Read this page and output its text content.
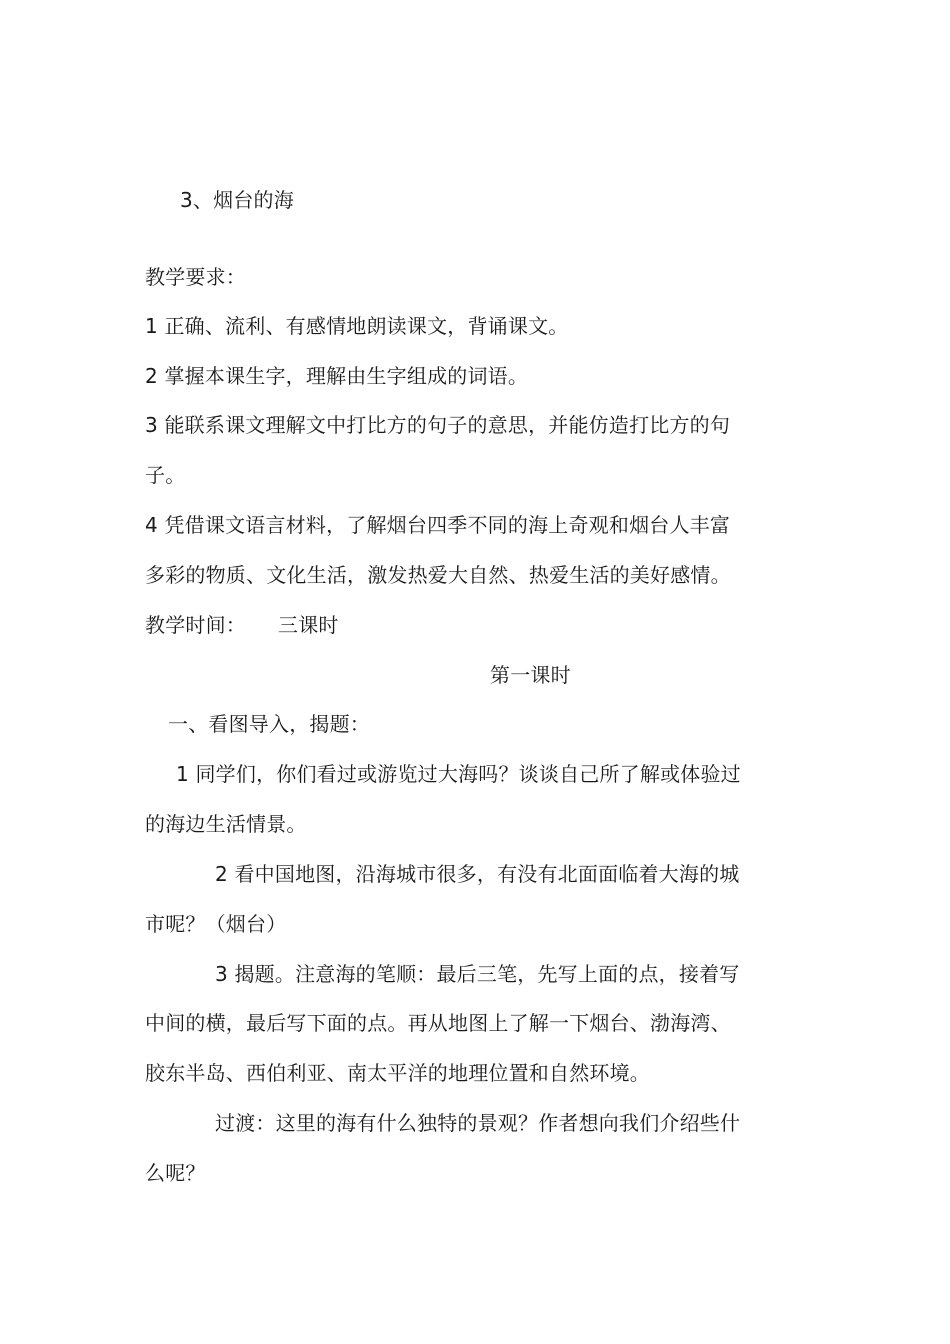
3、烟台的海
教学要求：
1 正确、流利、有感情地朗读课文，背诵课文。
2 掌握本课生字，理解由生字组成的词语。
3 能联系课文理解文中打比方的句子的意思，并能仿造打比方的句
子。
4 凭借课文语言材料，了解烟台四季不同的海上奇观和烟台人丰富
多彩的物质、文化生活，激发热爱大自然、热爱生活的美好感情。
教学时间： 三课时
第一课时
一、看图导入，揭题：
1 同学们，你们看过或游览过大海吗？谈谈自己所了解或体验过
的海边生活情景。
2 看中国地图，沿海城市很多，有没有北面面临着大海的城
市呢？（烟台）
3 揭题。注意海的笔顺：最后三笔，先写上面的点，接着写
中间的横，最后写下面的点。再从地图上了解一下烟台、渤海湾、
胶东半岛、西伯利亚、南太平洋的地理位置和自然环境。
过渡：这里的海有什么独特的景观？作者想向我们介绍些什
么呢？
